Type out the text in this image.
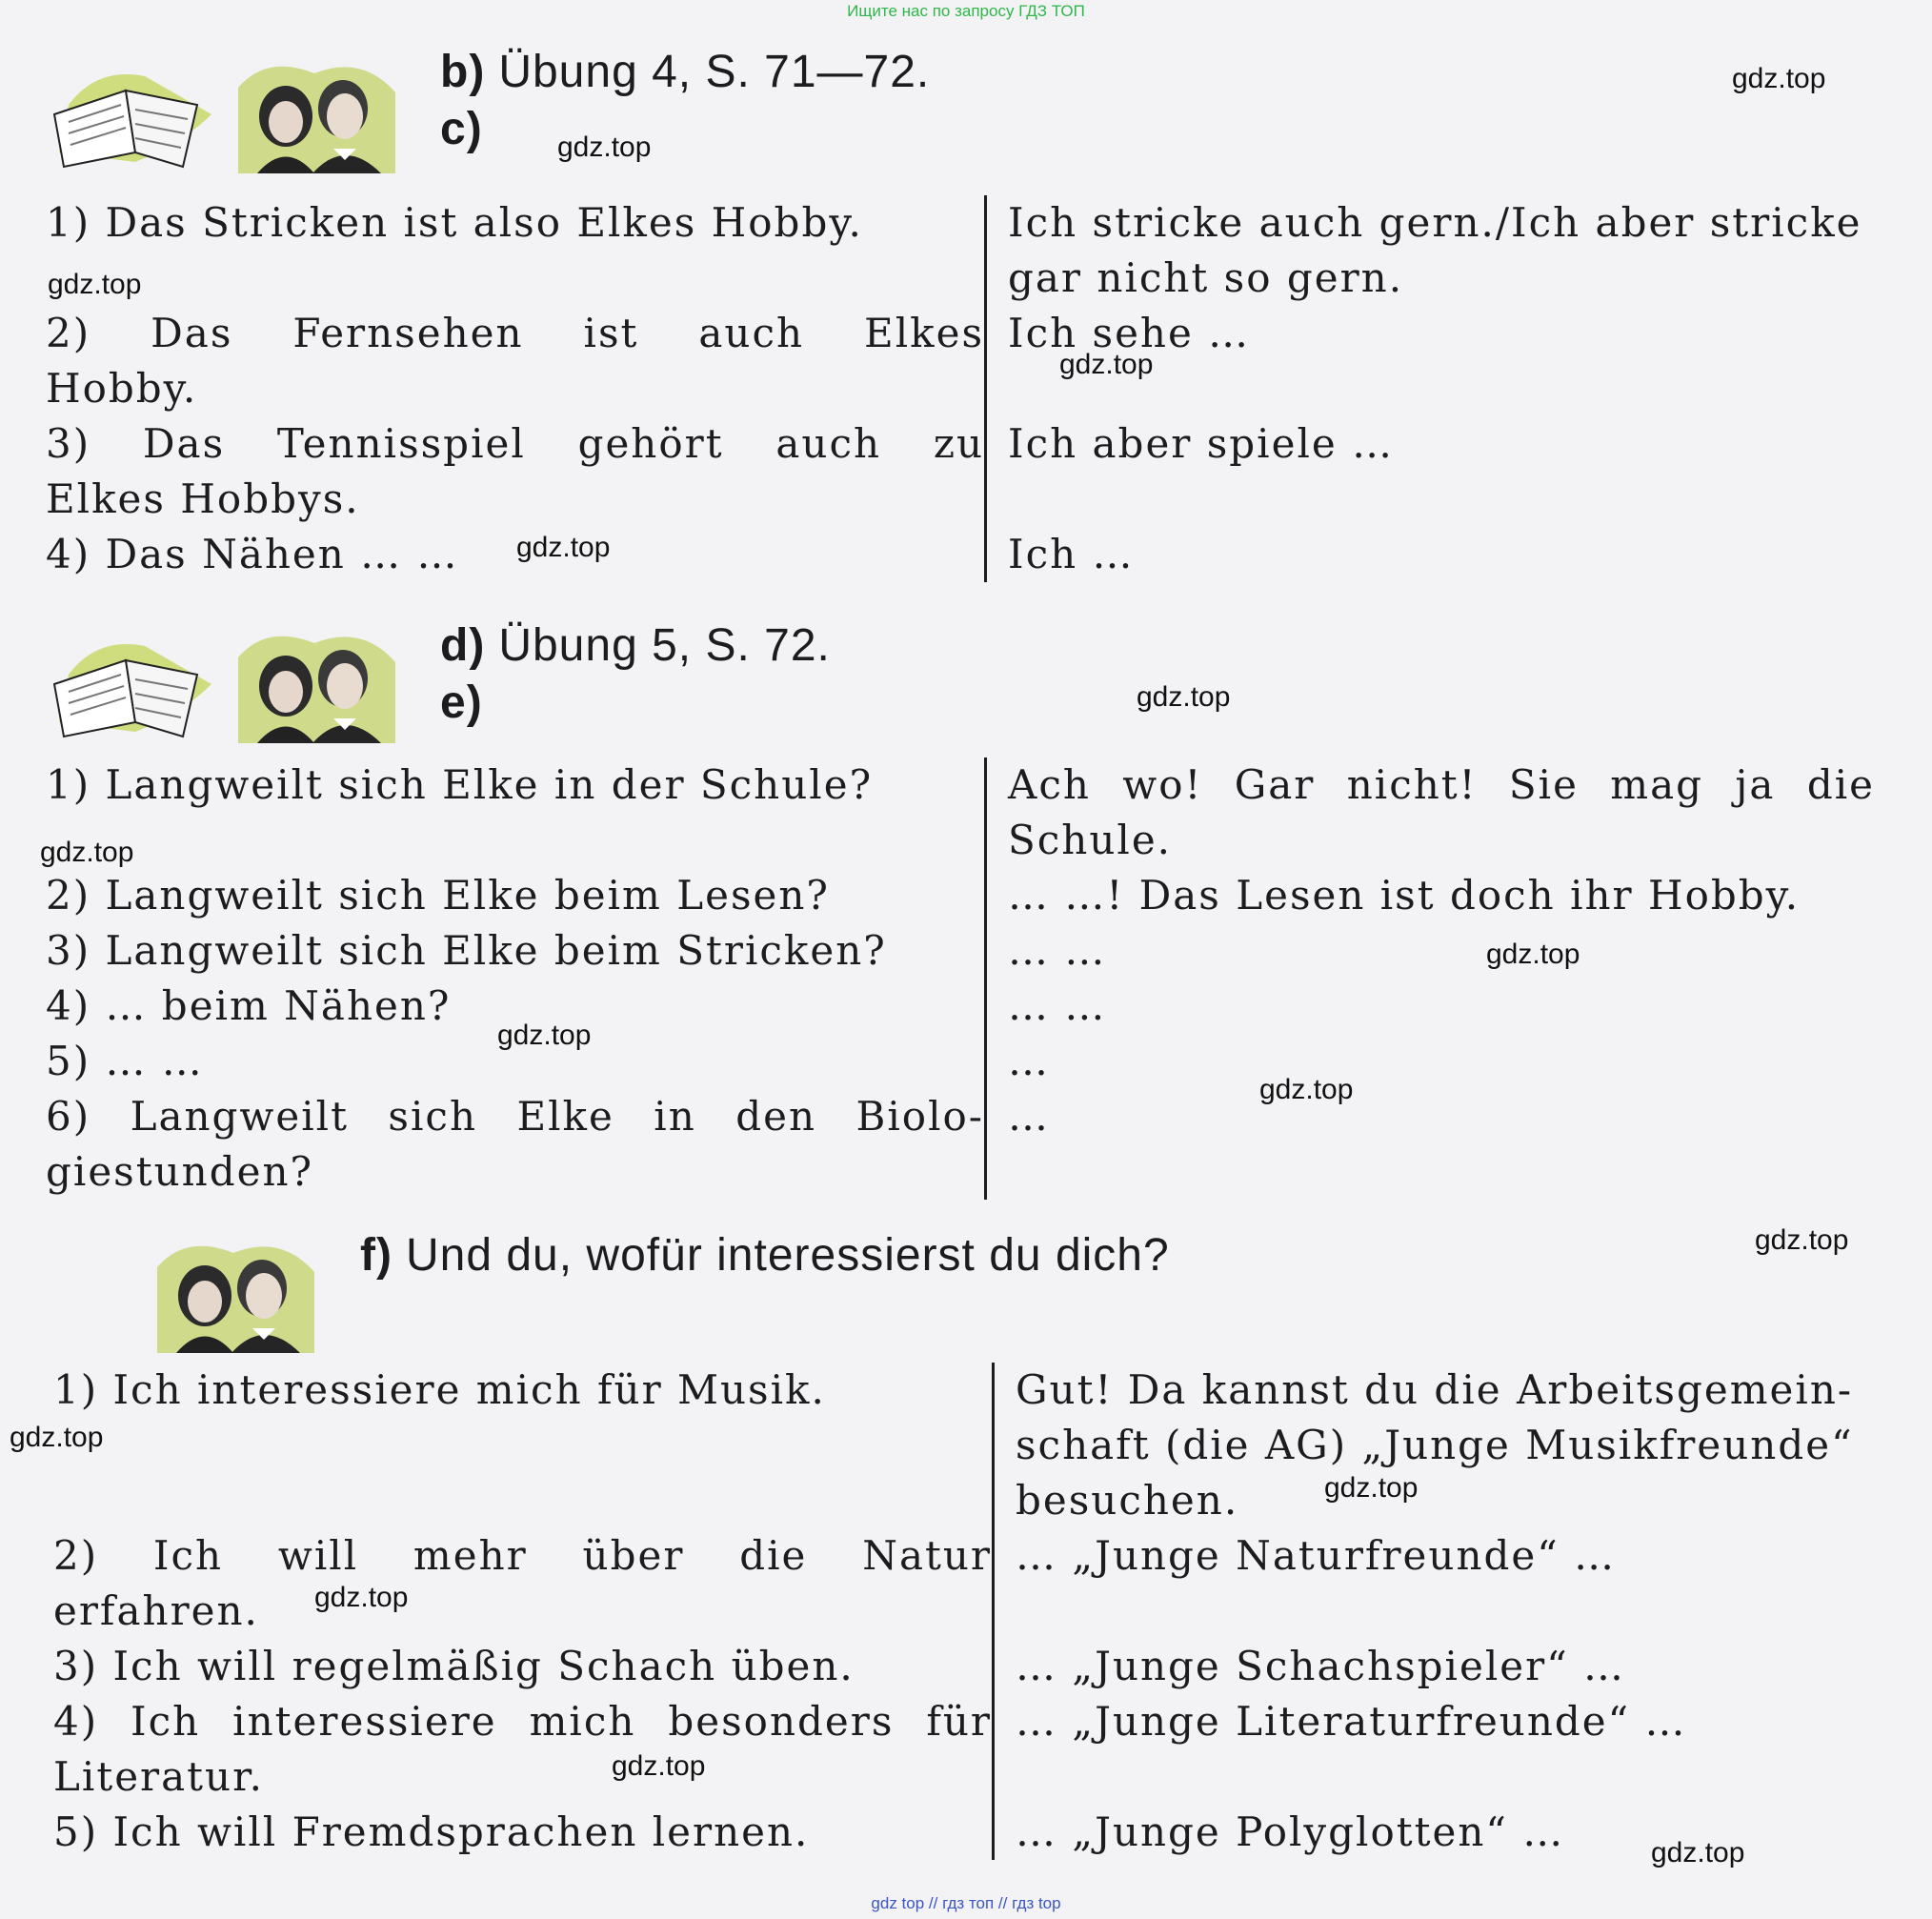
Ищите нас по запросу ГДЗ ТОП
gdz top // гдз топ // гдз top
b) Übung 4, S. 71—72.
c)
d) Übung 5, S. 72.
e)
f) Und du, wofür interessierst du dich?
1) Das Stricken ist also Elkes Hobby.
2) Das Fernsehen ist auch Elkes
Hobby.
3) Das Tennisspiel gehört auch zu
Elkes Hobbys.
4) Das Nähen … …
Ich stricke auch gern./Ich aber stricke
gar nicht so gern.
Ich sehe …
Ich aber spiele …
Ich …
1) Langweilt sich Elke in der Schule?
2) Langweilt sich Elke beim Lesen?
3) Langweilt sich Elke beim Stricken?
4) … beim Nähen?
5) … …
6) Langweilt sich Elke in den Biolo-
giestunden?
Ach wo! Gar nicht! Sie mag ja die
Schule.
… …! Das Lesen ist doch ihr Hobby.
… …
… …
…
…
1) Ich interessiere mich für Musik.
2) Ich will mehr über die Natur
erfahren.
3) Ich will regelmäßig Schach üben.
4) Ich interessiere mich besonders für
Literatur.
5) Ich will Fremdsprachen lernen.
Gut! Da kannst du die Arbeitsgemein-
schaft (die AG) „Junge Musikfreunde“
besuchen.
… „Junge Naturfreunde“ …
… „Junge Schachspieler“ …
… „Junge Literaturfreunde“ …
… „Junge Polyglotten“ …
gdz.top
gdz.top
gdz.top
gdz.top
gdz.top
gdz.top
gdz.top
gdz.top
gdz.top
gdz.top
gdz.top
gdz.top
gdz.top
gdz.top
gdz.top
gdz.top
